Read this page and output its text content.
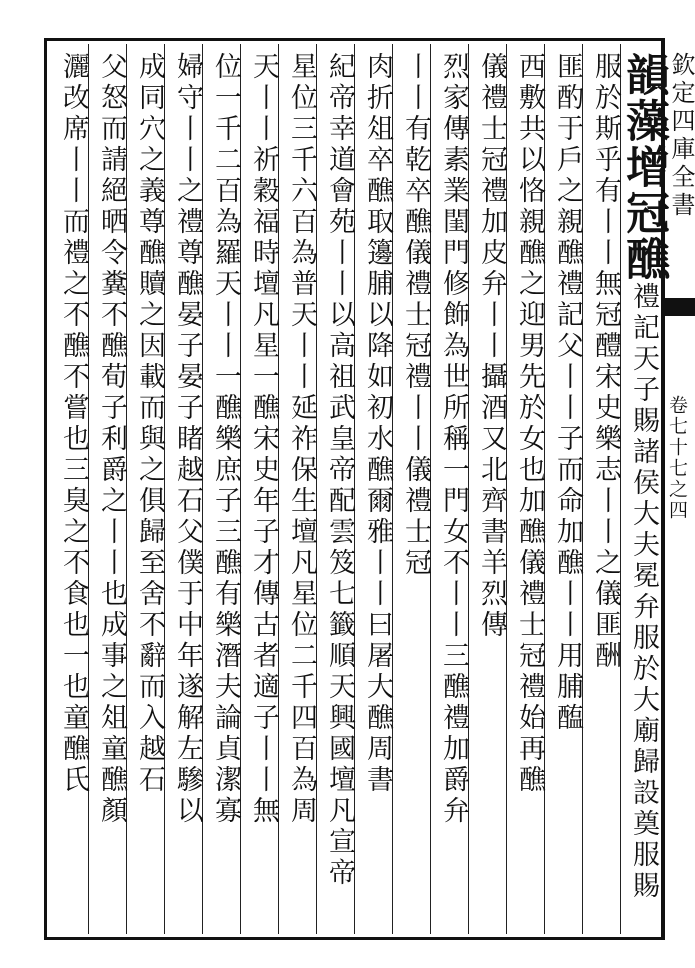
欽定四庫全書
卷七十七之四
韻藻增冠醮禮記天子賜諸侯大夫冕弁服於大廟歸設奠服賜
服於斯乎有丨丨無冠醴宋史樂志丨丨之儀匪酬
匪酌于戶之親醮禮記父丨丨子而命加醮丨丨用脯醢
西敷共以恪親醮之迎男先於女也加醮儀禮士冠禮始再醮
儀禮士冠禮加皮弁丨丨攝酒又北齊書羊烈傳
烈家傳素業閨門修飾為世所稱一門女不丨丨三醮禮加爵弁
丨丨有乾卒醮儀禮士冠禮丨丨儀禮士冠
肉折俎卒醮取籩脯以降如初水醮爾雅丨丨曰屠大醮周書
紀帝幸道會苑丨丨以高祖武皇帝配雲笈七籤順天興國壇凡宣帝
星位三千六百為普天丨丨延祚保生壇凡星位二千四百為周
天丨丨祈穀福時壇凡星一醮宋史年子才傳古者適子丨丨無
位一千二百為羅天丨丨一醮樂庶子三醮有樂潛夫論貞潔寡
婦守丨丨之禮尊醮晏子晏子睹越石父僕于中年遂解左驂以
成同穴之義尊醮贖之因載而與之俱歸至舍不辭而入越石
父怒而請絕晒令糞不醮荀子利爵之丨丨也成事之俎童醮顏
灑改席丨丨而禮之不醮不嘗也三臭之不食也一也童醮氏
